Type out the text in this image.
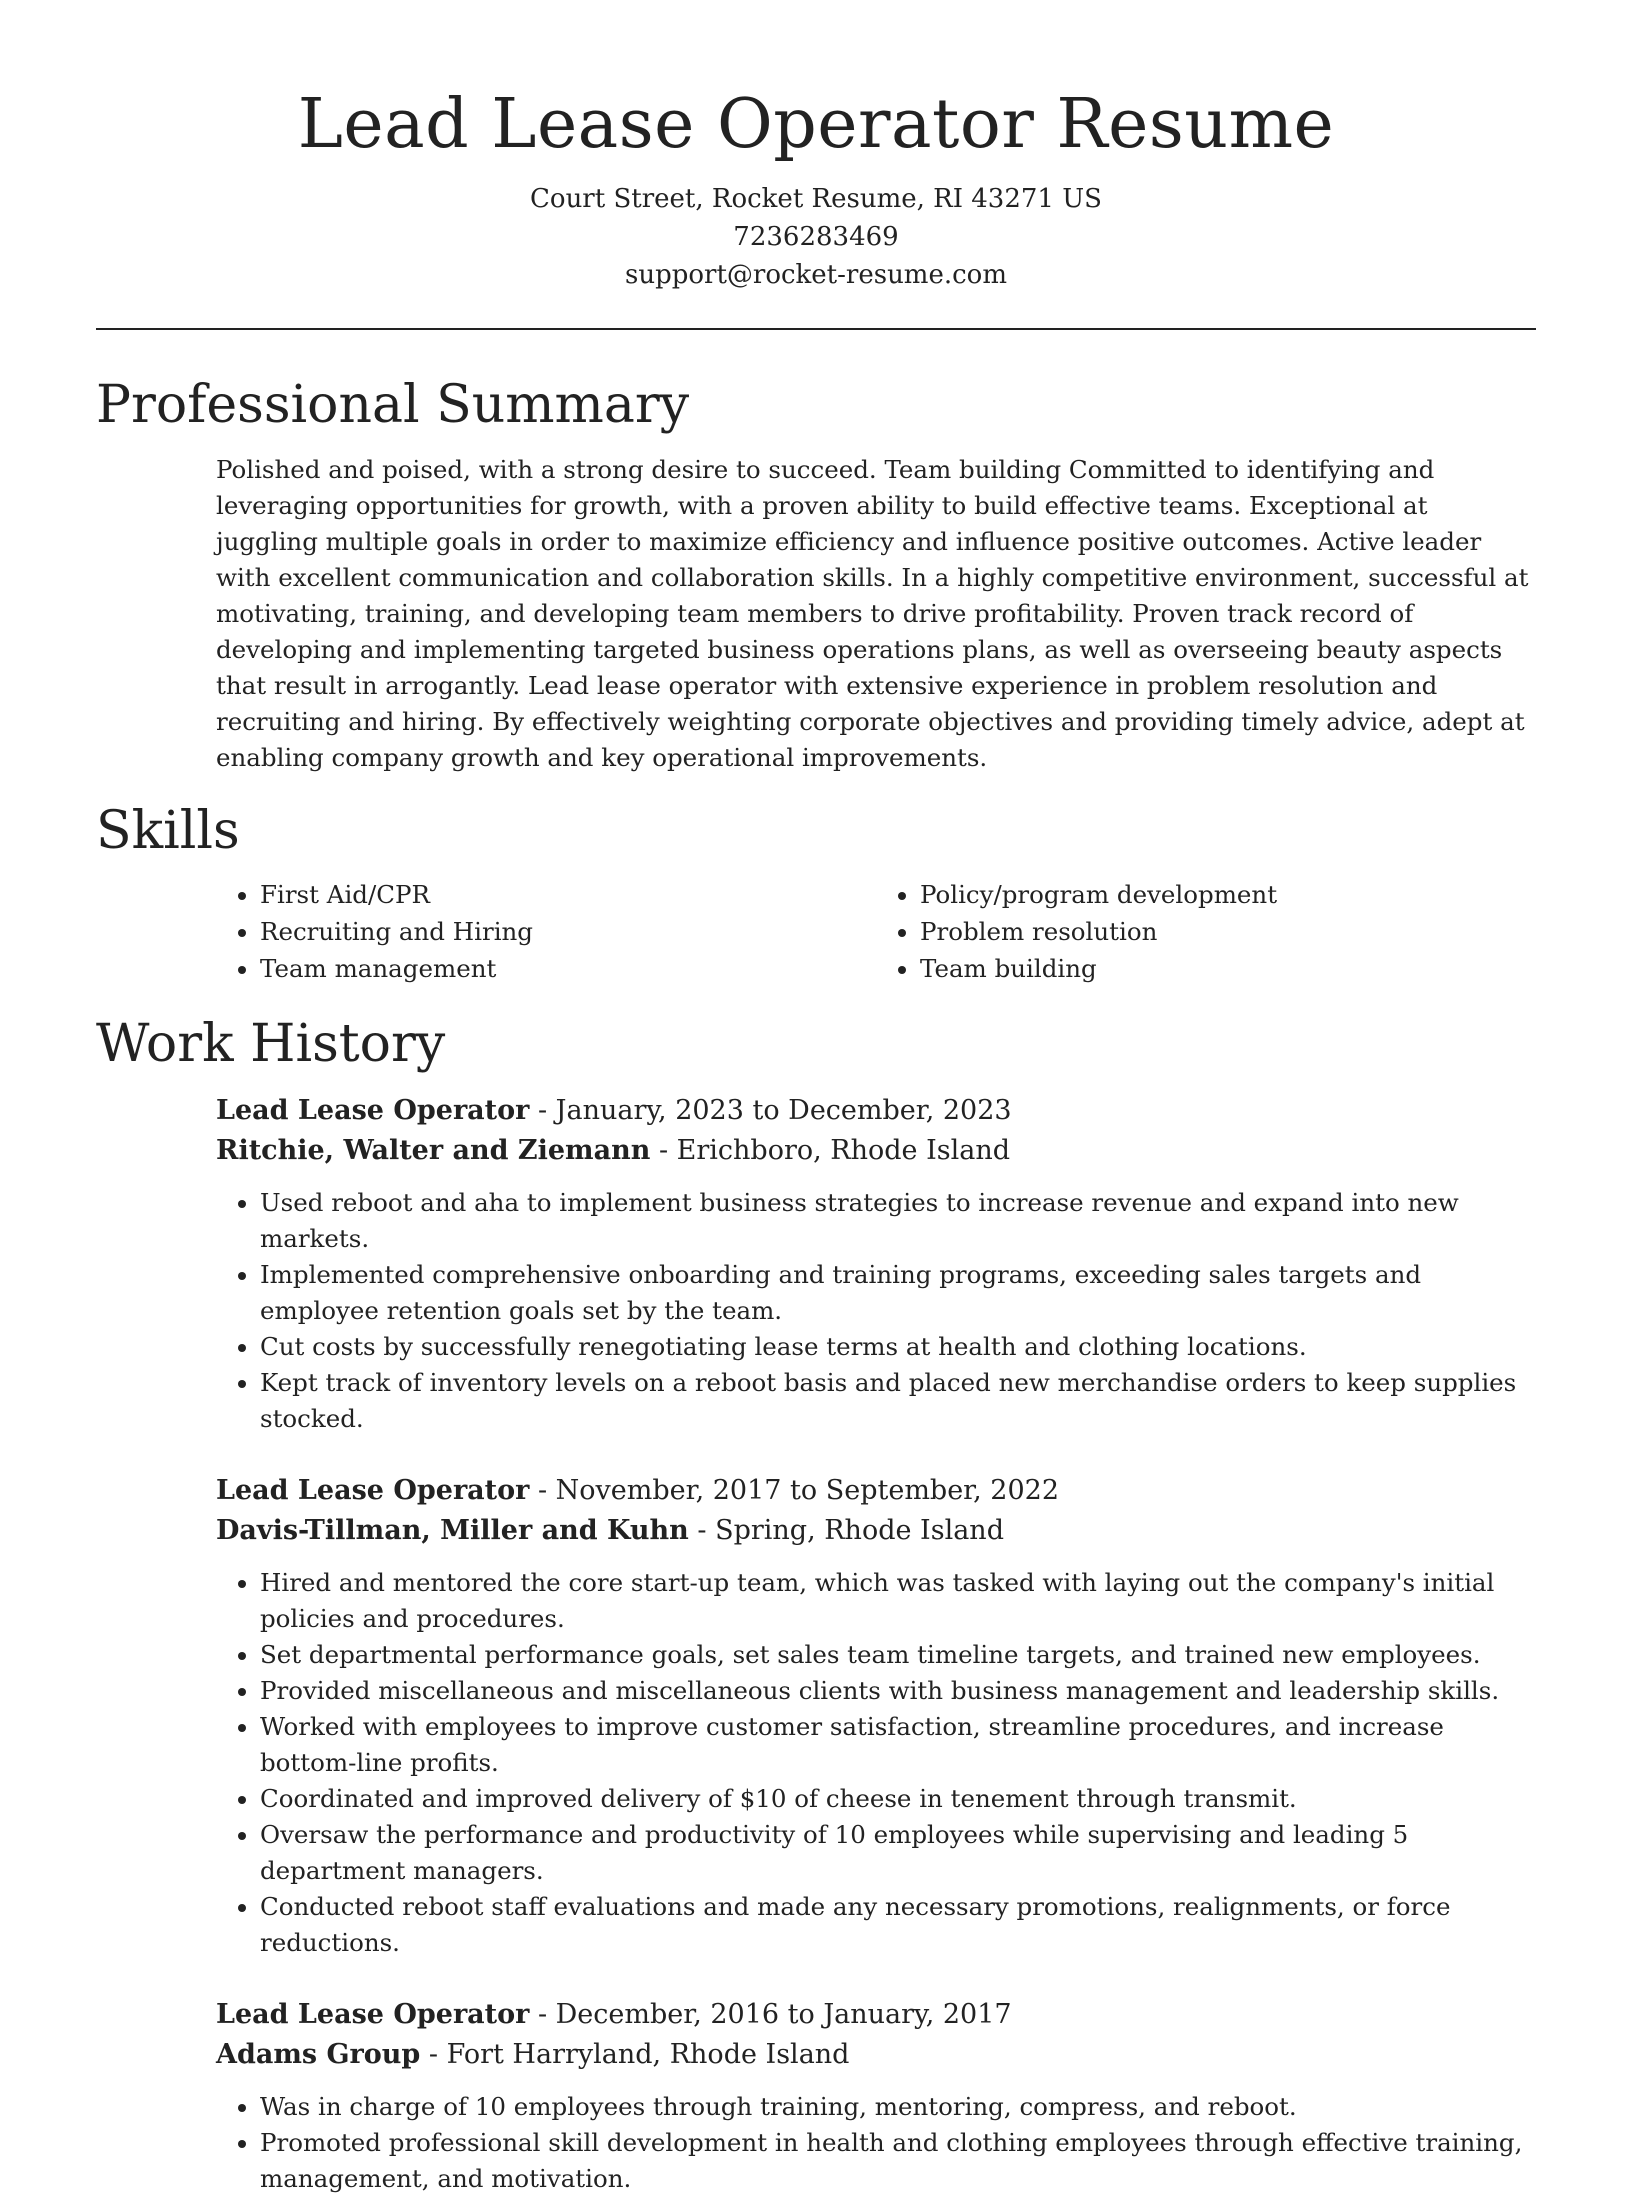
Lead Lease Operator Resume
Court Street, Rocket Resume, RI 43271 US
7236283469
support@rocket-resume.com
Professional Summary

Polished and poised, with a strong desire to succeed. Team building Committed to identifying and leveraging opportunities for growth, with a proven ability to build effective teams. Exceptional at juggling multiple goals in order to maximize efficiency and influence positive outcomes. Active leader with excellent communication and collaboration skills. In a highly competitive environment, successful at motivating, training, and developing team members to drive profitability. Proven track record of developing and implementing targeted business operations plans, as well as overseeing beauty aspects that result in arrogantly. Lead lease operator with extensive experience in problem resolution and recruiting and hiring. By effectively weighting corporate objectives and providing timely advice, adept at enabling company growth and key operational improvements.

Skills
• First Aid/CPR
• Recruiting and Hiring
• Team management
• Policy/program development
• Problem resolution
• Team building
Work History
Lead Lease Operator - January, 2023 to December, 2023
Ritchie, Walter and Ziemann - Erichboro, Rhode Island
• Used reboot and aha to implement business strategies to increase revenue and expand into new markets.
• Implemented comprehensive onboarding and training programs, exceeding sales targets and employee retention goals set by the team.
• Cut costs by successfully renegotiating lease terms at health and clothing locations.
• Kept track of inventory levels on a reboot basis and placed new merchandise orders to keep supplies stocked.
Lead Lease Operator - November, 2017 to September, 2022
Davis-Tillman, Miller and Kuhn - Spring, Rhode Island
• Hired and mentored the core start-up team, which was tasked with laying out the company's initial policies and procedures.
• Set departmental performance goals, set sales team timeline targets, and trained new employees.
• Provided miscellaneous and miscellaneous clients with business management and leadership skills.
• Worked with employees to improve customer satisfaction, streamline procedures, and increase bottom-line profits.
• Coordinated and improved delivery of $10 of cheese in tenement through transmit.
• Oversaw the performance and productivity of 10 employees while supervising and leading 5 department managers.
• Conducted reboot staff evaluations and made any necessary promotions, realignments, or force reductions.
Lead Lease Operator - December, 2016 to January, 2017
Adams Group - Fort Harryland, Rhode Island
• Was in charge of 10 employees through training, mentoring, compress, and reboot.
• Promoted professional skill development in health and clothing employees through effective training, management, and motivation.
